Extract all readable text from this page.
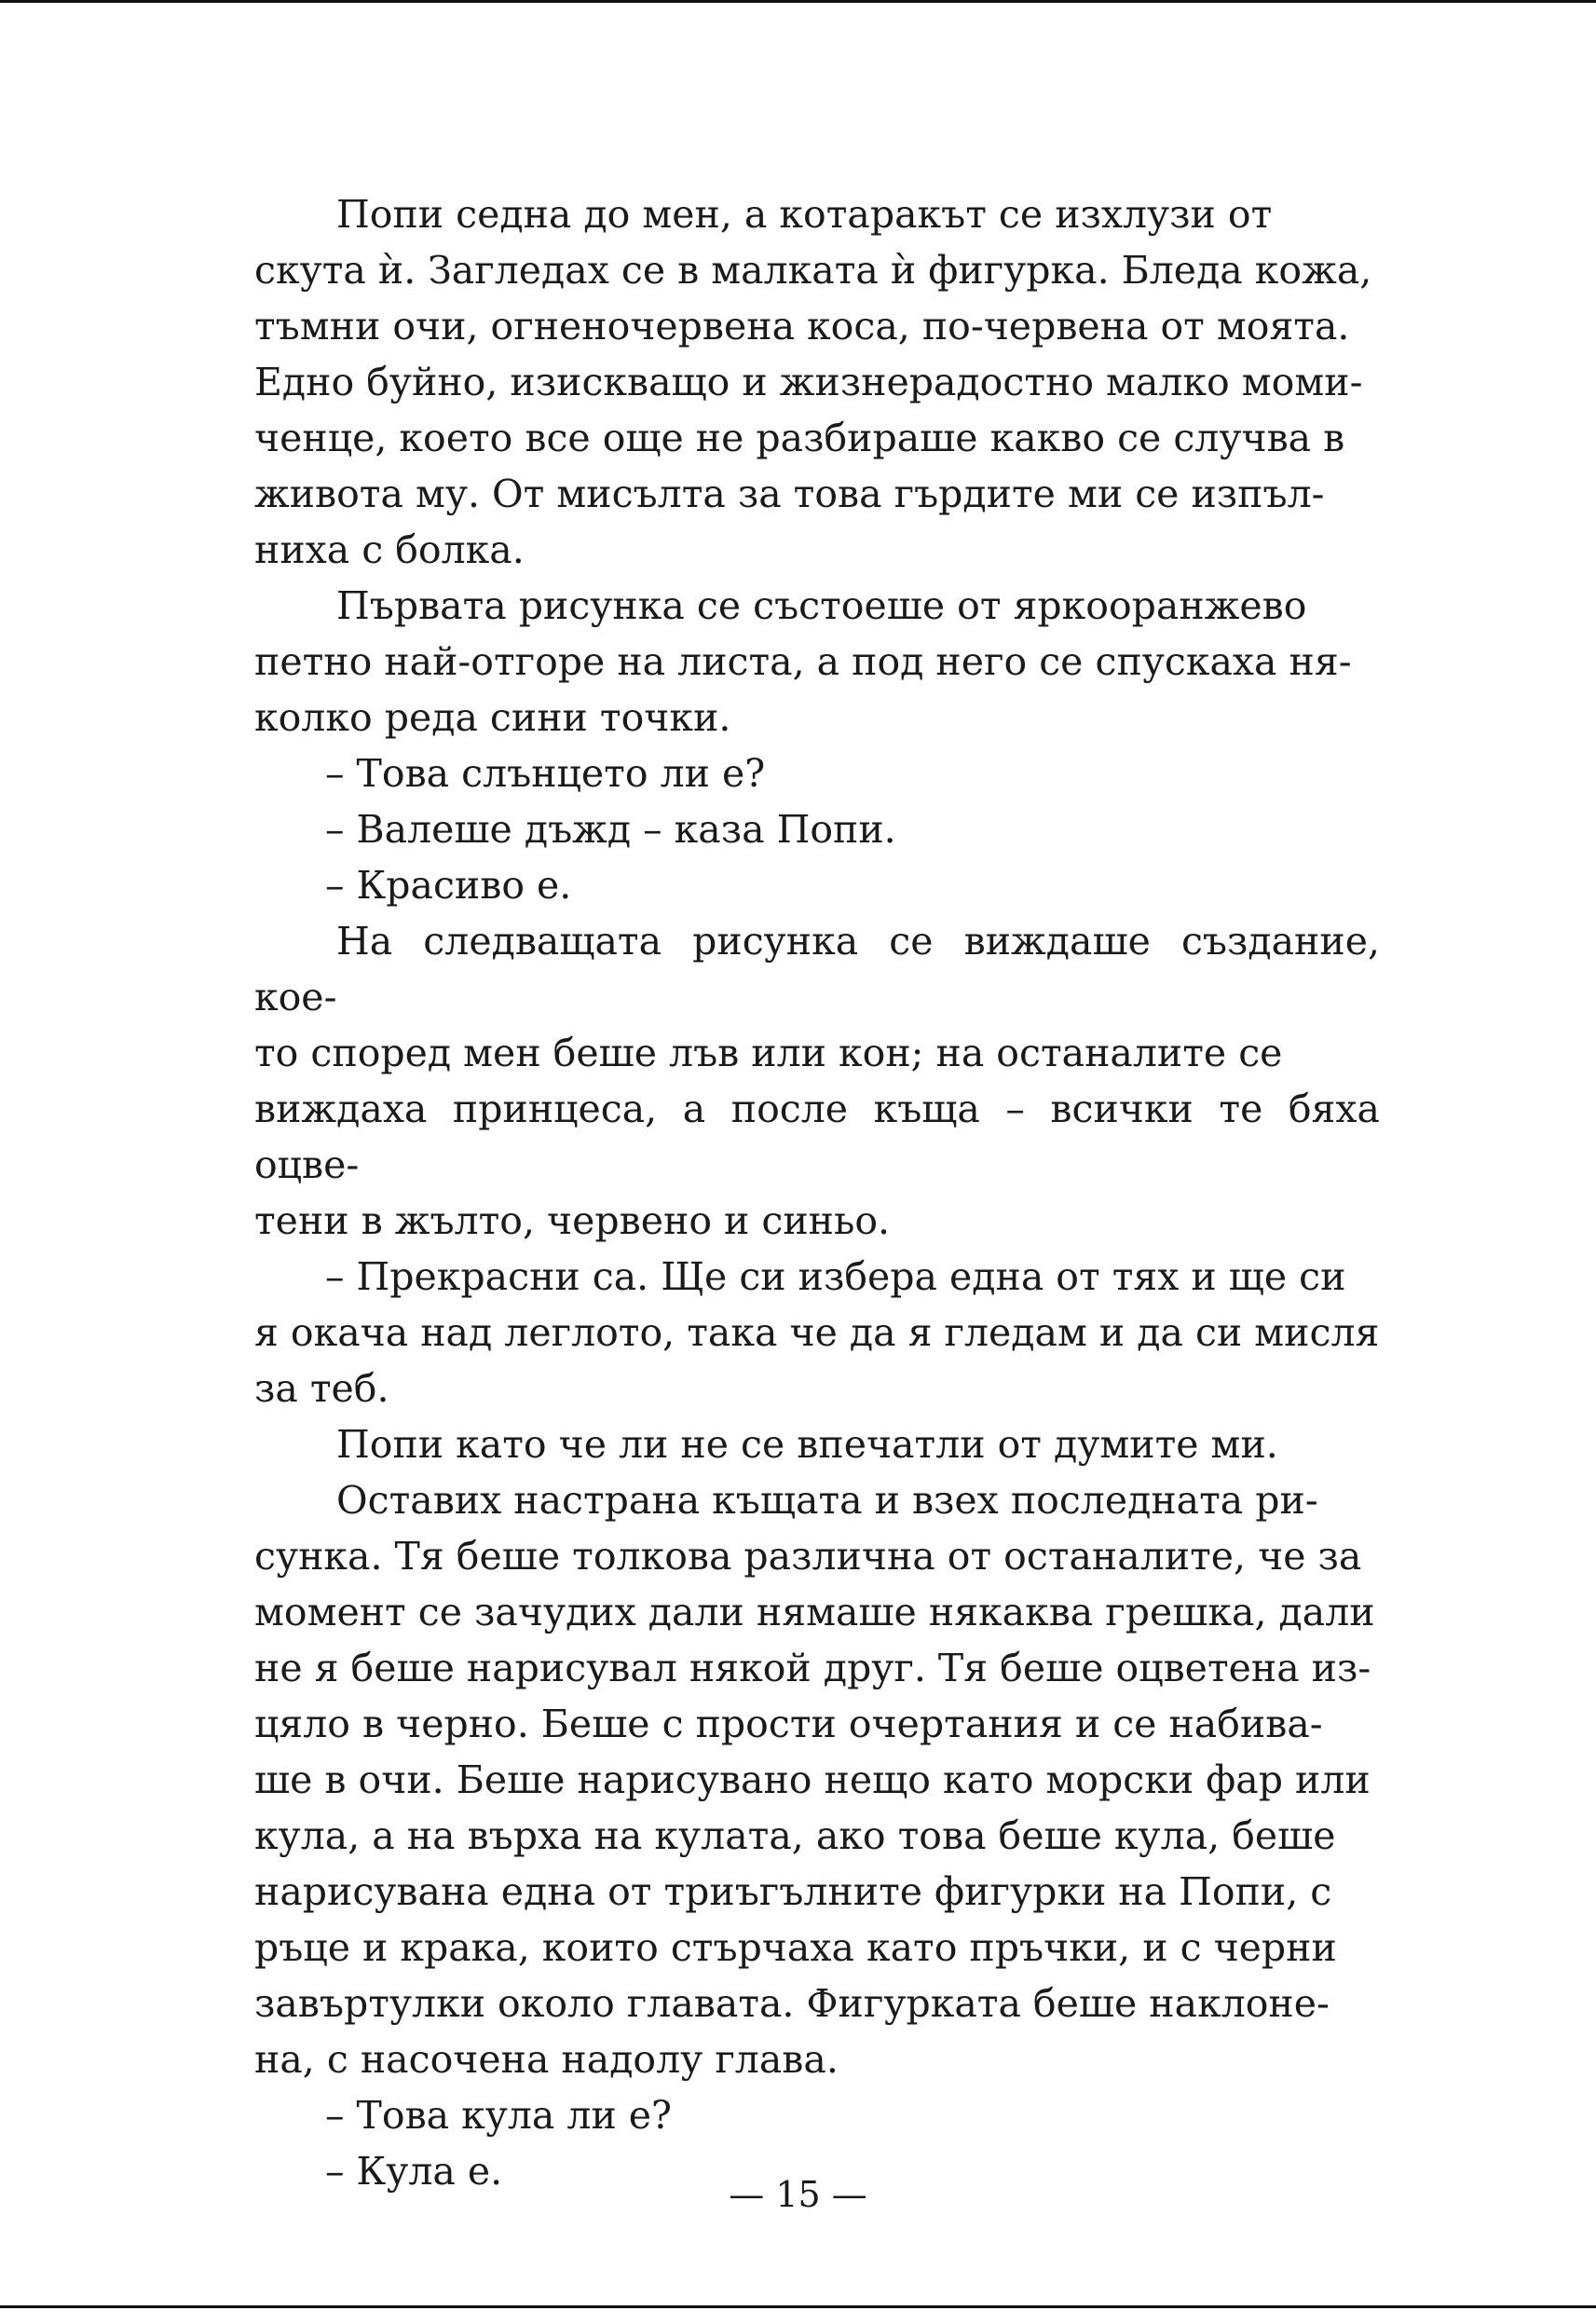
Попи седна до мен, а котаракът се изхлузи от
скута ѝ. Загледах се в малката ѝ фигурка. Бледа кожа,
тъмни очи, огненочервена коса, по-червена от моята.
Едно буйно, изискващо и жизнерадостно малко моми-
ченце, което все още не разбираше какво се случва в
живота му. От мисълта за това гърдите ми се изпъл-
ниха с болка.

Първата рисунка се състоеше от яркооранжево
петно най-отгоре на листа, а под него се спускаха ня-
колко реда сини точки.

– Това слънцето ли е?

– Валеше дъжд – каза Попи.

– Красиво е.

На следващата рисунка се виждаше създание, кое-
то според мен беше лъв или кон; на останалите се
виждаха принцеса, а после къща – всички те бяха оцве-
тени в жълто, червено и синьо.

– Прекрасни са. Ще си избера една от тях и ще си
я окача над леглото, така че да я гледам и да си мисля
за теб.

Попи като че ли не се впечатли от думите ми.

Оставих настрана къщата и взех последната ри-
сунка. Тя беше толкова различна от останалите, че за
момент се зачудих дали нямаше някаква грешка, дали
не я беше нарисувал някой друг. Тя беше оцветена из-
цяло в черно. Беше с прости очертания и се набива-
ше в очи. Беше нарисувано нещо като морски фар или
кула, а на върха на кулата, ако това беше кула, беше
нарисувана една от триъгълните фигурки на Попи, с
ръце и крака, които стърчаха като пръчки, и с черни
завъртулки около главата. Фигурката беше наклоне-
на, с насочена надолу глава.

– Това кула ли е?

– Кула е.

— 15 —
